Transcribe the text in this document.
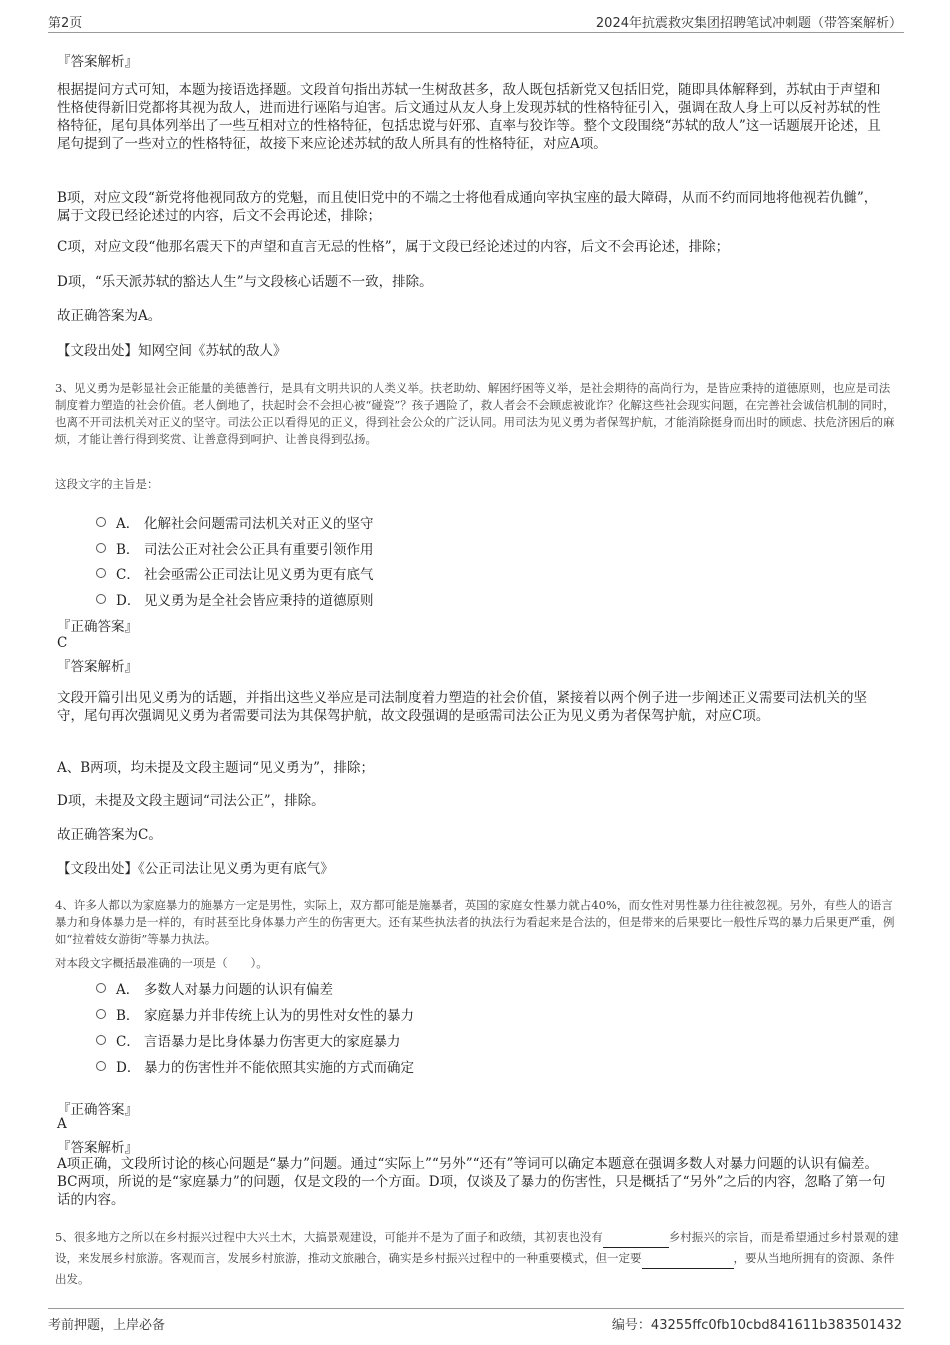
第2页	2024年抗震救灾集团招聘笔试冲刺题（带答案解析）
『答案解析』
根据提问方式可知，本题为接语选择题。文段首句指出苏轼一生树敌甚多，敌人既包括新党又包括旧党，随即具体解释到，苏轼由于声望和性格使得新旧党都将其视为敌人，进而进行诬陷与迫害。后文通过从友人身上发现苏轼的性格特征引入，强调在敌人身上可以反衬苏轼的性格特征，尾句具体列举出了一些互相对立的性格特征，包括忠谠与奸邪、直率与狡诈等。整个文段围绕“苏轼的敌人”这一话题展开论述，且尾句提到了一些对立的性格特征，故接下来应论述苏轼的敌人所具有的性格特征，对应A项。
B项，对应文段“新党将他视同敌方的党魁，而且使旧党中的不端之士将他看成通向宰执宝座的最大障碍，从而不约而同地将他视若仇雠”，属于文段已经论述过的内容，后文不会再论述，排除；
C项，对应文段“他那名震天下的声望和直言无忌的性格”，属于文段已经论述过的内容，后文不会再论述，排除；
D项，“乐天派苏轼的豁达人生”与文段核心话题不一致，排除。
故正确答案为A。
【文段出处】知网空间《苏轼的敌人》
3、见义勇为是彰显社会正能量的美德善行，是具有文明共识的人类义举。扶老助幼、解困纾困等义举，是社会期待的高尚行为，是皆应秉持的道德原则，也应是司法制度着力塑造的社会价值。老人倒地了，扶起时会不会担心被“碰瓷”？孩子遇险了，救人者会不会顾虑被讹诈？化解这些社会现实问题，在完善社会诚信机制的同时，也离不开司法机关对正义的坚守。司法公正以看得见的正义，得到社会公众的广泛认同。用司法为见义勇为者保驾护航，才能消除挺身而出时的顾虑、扶危济困后的麻烦，才能让善行得到奖赏、让善意得到呵护、让善良得到弘扬。
这段文字的主旨是：
A． 化解社会问题需司法机关对正义的坚守
B． 司法公正对社会公正具有重要引领作用
C． 社会亟需公正司法让见义勇为更有底气
D． 见义勇为是全社会皆应秉持的道德原则
『正确答案』
C
『答案解析』
文段开篇引出见义勇为的话题，并指出这些义举应是司法制度着力塑造的社会价值，紧接着以两个例子进一步阐述正义需要司法机关的坚守，尾句再次强调见义勇为者需要司法为其保驾护航，故文段强调的是亟需司法公正为见义勇为者保驾护航，对应C项。
A、B两项，均未提及文段主题词“见义勇为”，排除；
D项，未提及文段主题词“司法公正”，排除。
故正确答案为C。
【文段出处】《公正司法让见义勇为更有底气》
4、许多人都以为家庭暴力的施暴方一定是男性，实际上，双方都可能是施暴者，英国的家庭女性暴力就占40%，而女性对男性暴力往往被忽视。另外，有些人的语言暴力和身体暴力是一样的，有时甚至比身体暴力产生的伤害更大。还有某些执法者的执法行为看起来是合法的，但是带来的后果要比一般性斥骂的暴力后果更严重，例如“拉着妓女游街”等暴力执法。
对本段文字概括最准确的一项是（　　）。
A． 多数人对暴力问题的认识有偏差
B． 家庭暴力并非传统上认为的男性对女性的暴力
C． 言语暴力是比身体暴力伤害更大的家庭暴力
D． 暴力的伤害性并不能依照其实施的方式而确定
『正确答案』
A
『答案解析』
A项正确，文段所讨论的核心问题是“暴力”问题。通过“实际上”“另外”“还有”等词可以确定本题意在强调多数人对暴力问题的认识有偏差。BC两项，所说的是“家庭暴力”的问题，仅是文段的一个方面。D项，仅谈及了暴力的伤害性，只是概括了“另外”之后的内容，忽略了第一句话的内容。
5、很多地方之所以在乡村振兴过程中大兴土木，大搞景观建设，可能并不是为了面子和政绩，其初衷也没有	乡村振兴的宗旨，而是希望通过乡村景观的建设，来发展乡村旅游。客观而言，发展乡村旅游，推动文旅融合，确实是乡村振兴过程中的一种重要模式，但一定要	，要从当地所拥有的资源、条件出发。
考前押题，上岸必备	编号：43255ffc0fb10cbd841611b383501432
